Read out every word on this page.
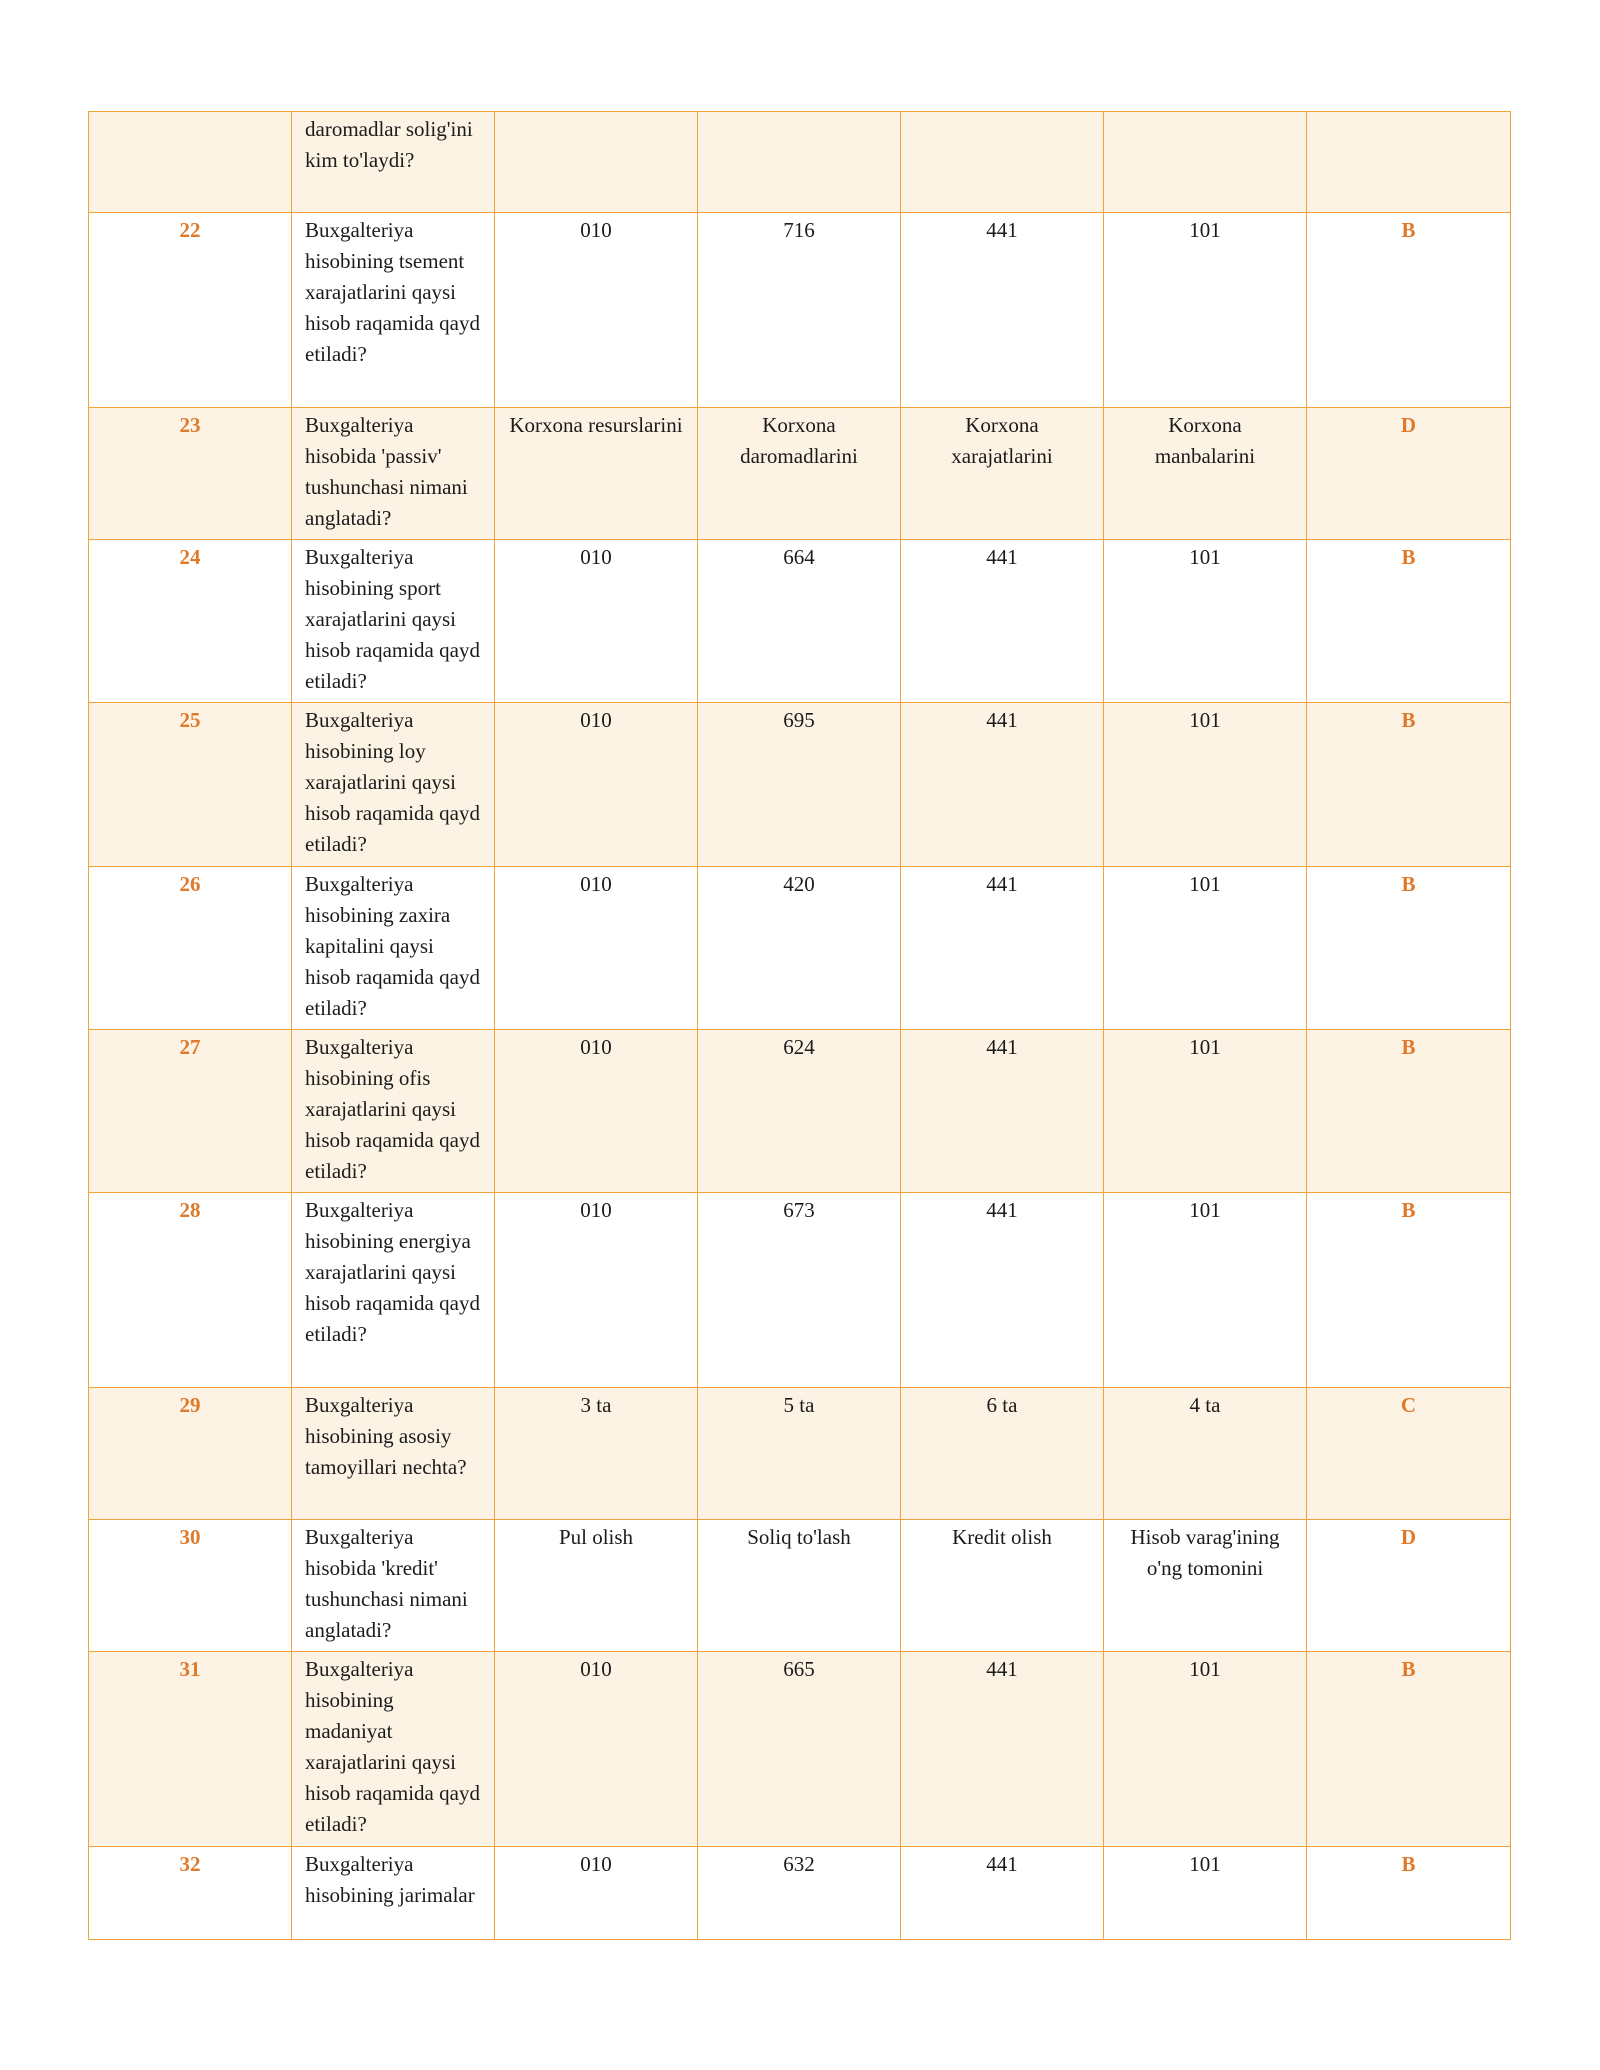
	daromadlar solig'ini kim to'laydi?					
22	Buxgalteriya hisobining tsement xarajatlarini qaysi hisob raqamida qayd etiladi?	010	716	441	101	B
23	Buxgalteriya hisobida 'passiv' tushunchasi nimani anglatadi?	Korxona resurslarini	Korxona daromadlarini	Korxona xarajatlarini	Korxona manbalarini	D
24	Buxgalteriya hisobining sport xarajatlarini qaysi hisob raqamida qayd etiladi?	010	664	441	101	B
25	Buxgalteriya hisobining loy xarajatlarini qaysi hisob raqamida qayd etiladi?	010	695	441	101	B
26	Buxgalteriya hisobining zaxira kapitalini qaysi hisob raqamida qayd etiladi?	010	420	441	101	B
27	Buxgalteriya hisobining ofis xarajatlarini qaysi hisob raqamida qayd etiladi?	010	624	441	101	B
28	Buxgalteriya hisobining energiya xarajatlarini qaysi hisob raqamida qayd etiladi?	010	673	441	101	B
29	Buxgalteriya hisobining asosiy tamoyillari nechta?	3 ta	5 ta	6 ta	4 ta	C
30	Buxgalteriya hisobida 'kredit' tushunchasi nimani anglatadi?	Pul olish	Soliq to'lash	Kredit olish	Hisob varag'ining o'ng tomonini	D
31	Buxgalteriya hisobining madaniyat xarajatlarini qaysi hisob raqamida qayd etiladi?	010	665	441	101	B
32	Buxgalteriya hisobining jarimalar	010	632	441	101	B
